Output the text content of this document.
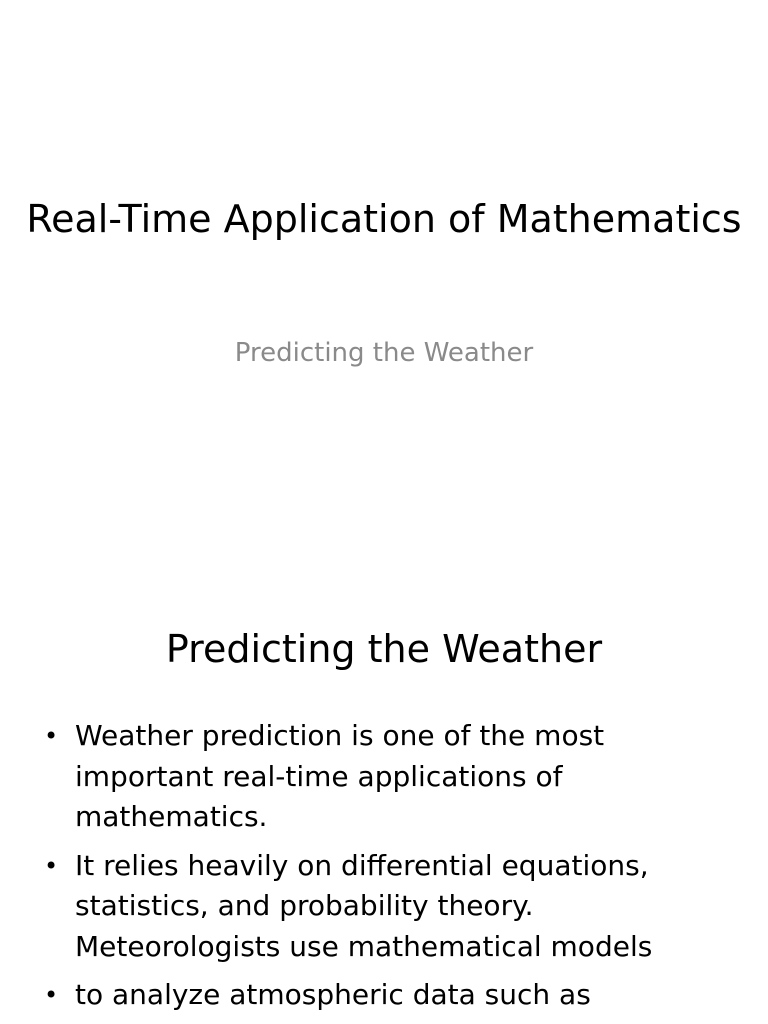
Real-Time Application of Mathematics

Predicting the Weather

Predicting the Weather
• Weather prediction is one of the most important real-time applications of mathematics.
• It relies heavily on differential equations, statistics, and probability theory. Meteorologists use mathematical models
• to analyze atmospheric data such as
